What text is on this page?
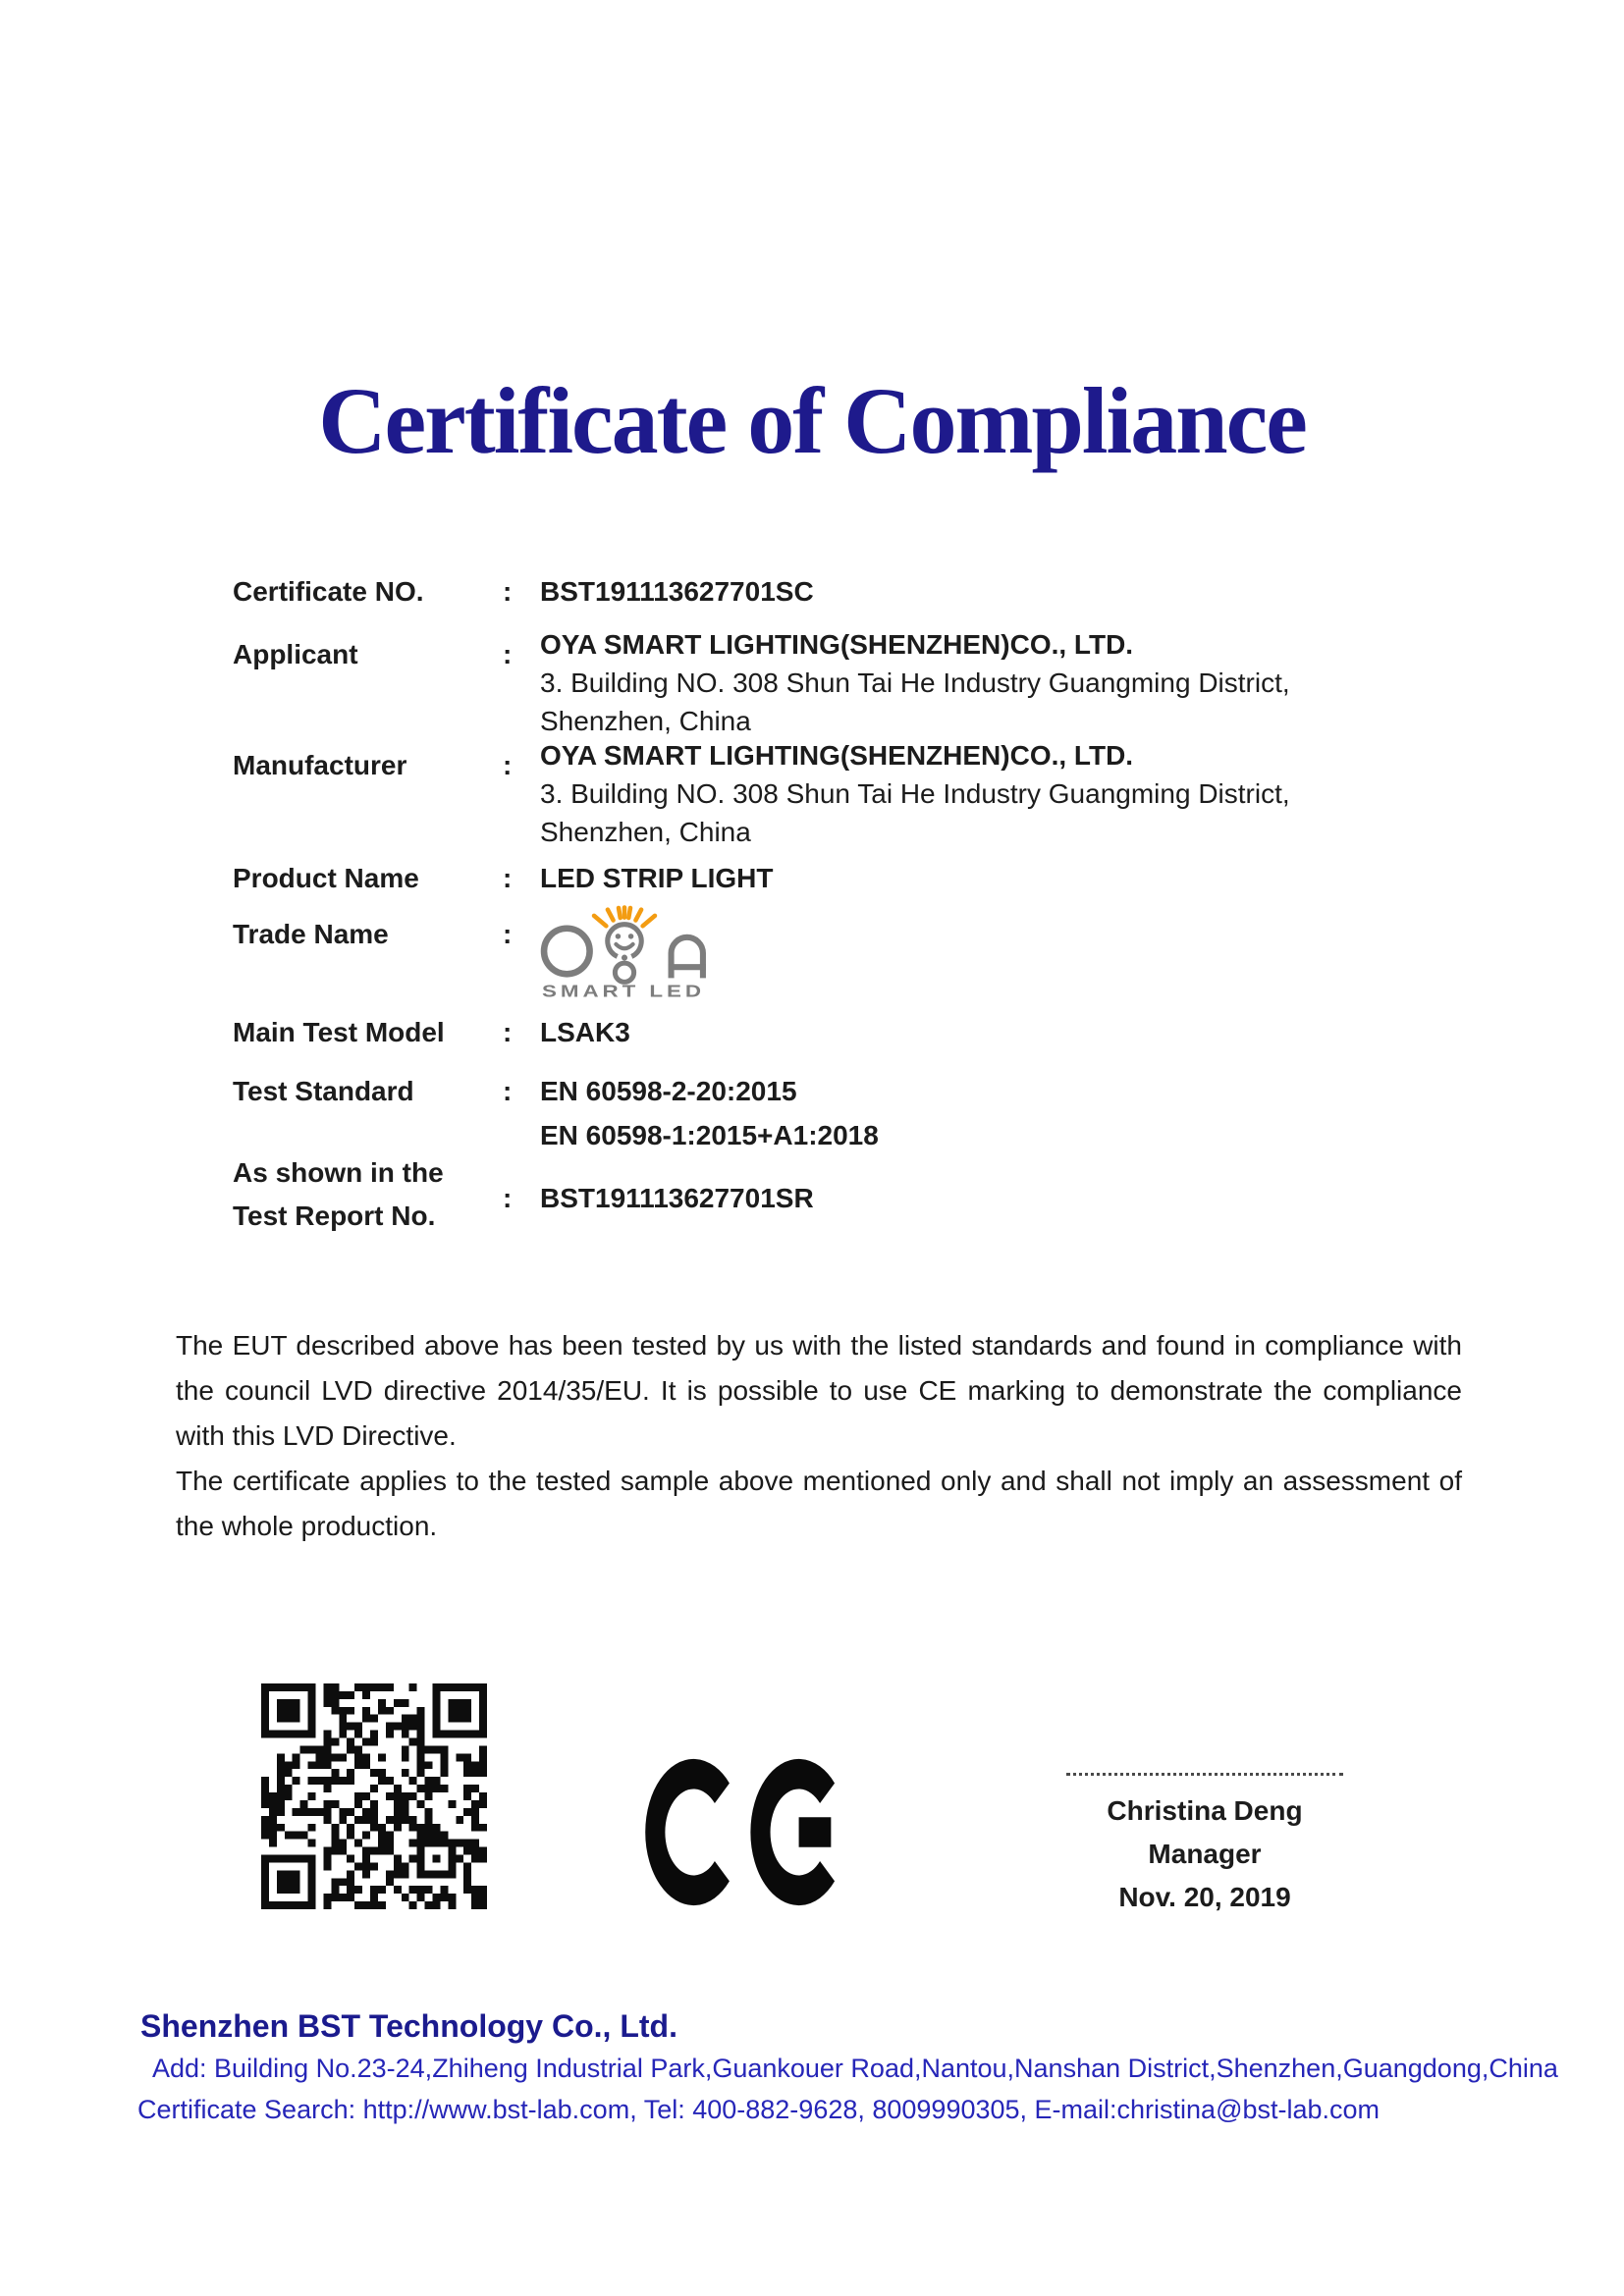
Certificate of Compliance
Certificate NO.	:	BST191113627701SC
Applicant	:	OYA SMART LIGHTING(SHENZHEN)CO., LTD.
3. Building NO. 308 Shun Tai He Industry Guangming District,
Shenzhen, China
Manufacturer	:	OYA SMART LIGHTING(SHENZHEN)CO., LTD.
3. Building NO. 308 Shun Tai He Industry Guangming District,
Shenzhen, China
Product Name	:	LED STRIP LIGHT
Trade Name	:
SMART LED
Main Test Model	:	LSAK3
Test Standard	:	EN 60598-2-20:2015
EN 60598-1:2015+A1:2018
As shown in the
Test Report No.
:	BST191113627701SR

The EUT described above has been tested by us with the listed standards and found in compliance with the council LVD directive 2014/35/EU. It is possible to use CE marking to demonstrate the compliance with this LVD Directive.

The certificate applies to the tested sample above mentioned only and shall not imply an assessment of the whole production.

Christina Deng
Manager
Nov. 20, 2019
Shenzhen BST Technology Co., Ltd.
Add: Building No.23-24,Zhiheng Industrial Park,Guankouer Road,Nantou,Nanshan District,Shenzhen,Guangdong,China
Certificate Search: http://www.bst-lab.com, Tel: 400-882-9628, 8009990305, E-mail:christina@bst-lab.com
